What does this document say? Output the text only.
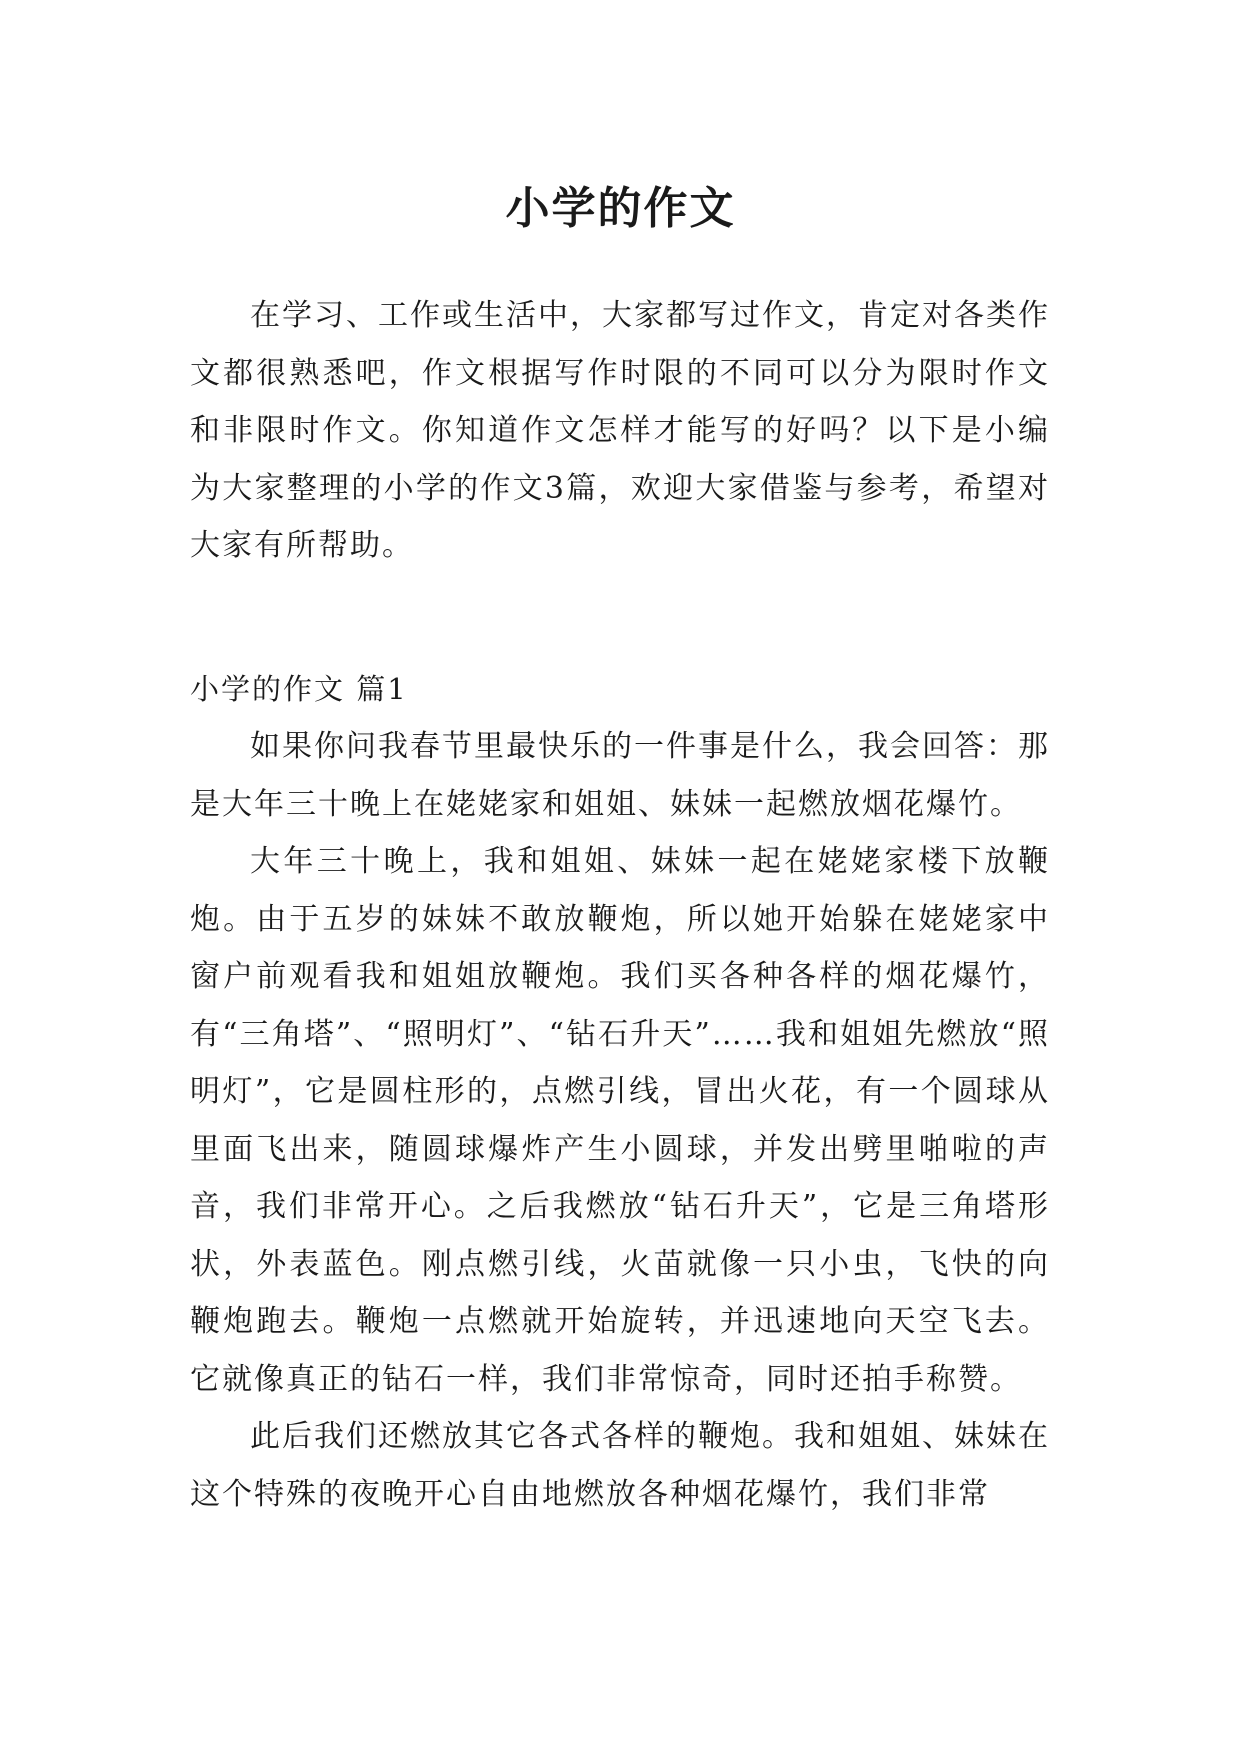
小学的作文

在学习、工作或生活中，大家都写过作文，肯定对各类作文都很熟悉吧，作文根据写作时限的不同可以分为限时作文和非限时作文。你知道作文怎样才能写的好吗？以下是小编为大家整理的小学的作文3篇，欢迎大家借鉴与参考，希望对大家有所帮助。

小学的作文 篇1

如果你问我春节里最快乐的一件事是什么，我会回答：那是大年三十晚上在姥姥家和姐姐、妹妹一起燃放烟花爆竹。

大年三十晚上，我和姐姐、妹妹一起在姥姥家楼下放鞭炮。由于五岁的妹妹不敢放鞭炮，所以她开始躲在姥姥家中窗户前观看我和姐姐放鞭炮。我们买各种各样的烟花爆竹，有“三角塔”、“照明灯”、“钻石升天”……我和姐姐先燃放“照明灯”，它是圆柱形的，点燃引线，冒出火花，有一个圆球从里面飞出来，随圆球爆炸产生小圆球，并发出劈里啪啦的声音，我们非常开心。之后我燃放“钻石升天”，它是三角塔形状，外表蓝色。刚点燃引线，火苗就像一只小虫，飞快的向鞭炮跑去。鞭炮一点燃就开始旋转，并迅速地向天空飞去。它就像真正的钻石一样，我们非常惊奇，同时还拍手称赞。

此后我们还燃放其它各式各样的鞭炮。我和姐姐、妹妹在这个特殊的夜晚开心自由地燃放各种烟花爆竹，我们非常
